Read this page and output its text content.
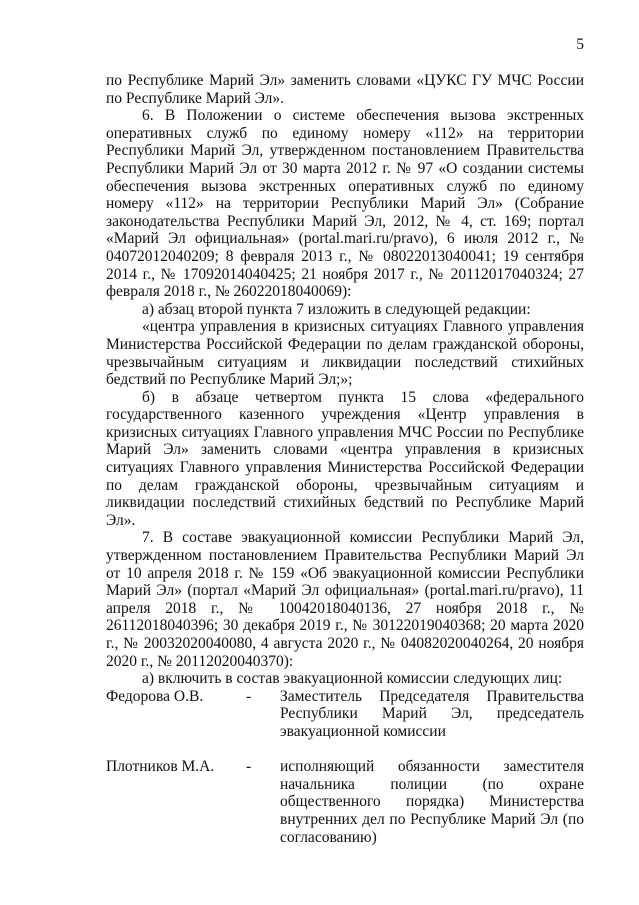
5

по Республике Марий Эл» заменить словами «ЦУКС ГУ МЧС России по Республике Марий Эл».

6. В Положении о системе обеспечения вызова экстренных оперативных служб по единому номеру «112» на территории Республики Марий Эл, утвержденном постановлением Правительства Республики Марий Эл от 30 марта 2012 г. № 97 «О создании системы обеспечения вызова экстренных оперативных служб по единому номеру «112» на территории Республики Марий Эл» (Собрание законодательства Республики Марий Эл, 2012, № 4, ст. 169; портал «Марий Эл официальная» (portal.mari.ru/pravo), 6 июля 2012 г., № 04072012040209; 8 февраля 2013 г., № 08022013040041; 19 сентября 2014 г., № 17092014040425; 21 ноября 2017 г., № 20112017040324; 27 февраля 2018 г., № 26022018040069):

а) абзац второй пункта 7 изложить в следующей редакции:

«центра управления в кризисных ситуациях Главного управления Министерства Российской Федерации по делам гражданской обороны, чрезвычайным ситуациям и ликвидации последствий стихийных бедствий по Республике Марий Эл;»;

б) в абзаце четвертом пункта 15 слова «федерального государственного казенного учреждения «Центр управления в кризисных ситуациях Главного управления МЧС России по Республике Марий Эл» заменить словами «центра управления в кризисных ситуациях Главного управления Министерства Российской Федерации по делам гражданской обороны, чрезвычайным ситуациям и ликвидации последствий стихийных бедствий по Республике Марий Эл».

7. В составе эвакуационной комиссии Республики Марий Эл, утвержденном постановлением Правительства Республики Марий Эл от 10 апреля 2018 г. № 159 «Об эвакуационной комиссии Республики Марий Эл» (портал «Марий Эл официальная» (portal.mari.ru/pravo), 11 апреля 2018 г., № 10042018040136, 27 ноября 2018 г., № 26112018040396; 30 декабря 2019 г., № 30122019040368; 20 марта 2020 г., № 20032020040080, 4 августа 2020 г., № 04082020040264, 20 ноября 2020 г., № 20112020040370):

а) включить в состав эвакуационной комиссии следующих лиц:

Федорова О.В.	-	Заместитель Председателя Правительства Республики Марий Эл, председатель эвакуационной комиссии
Плотников М.А.	-	исполняющий обязанности заместителя начальника полиции (по охране общественного порядка) Министерства внутренних дел по Республике Марий Эл (по согласованию)
